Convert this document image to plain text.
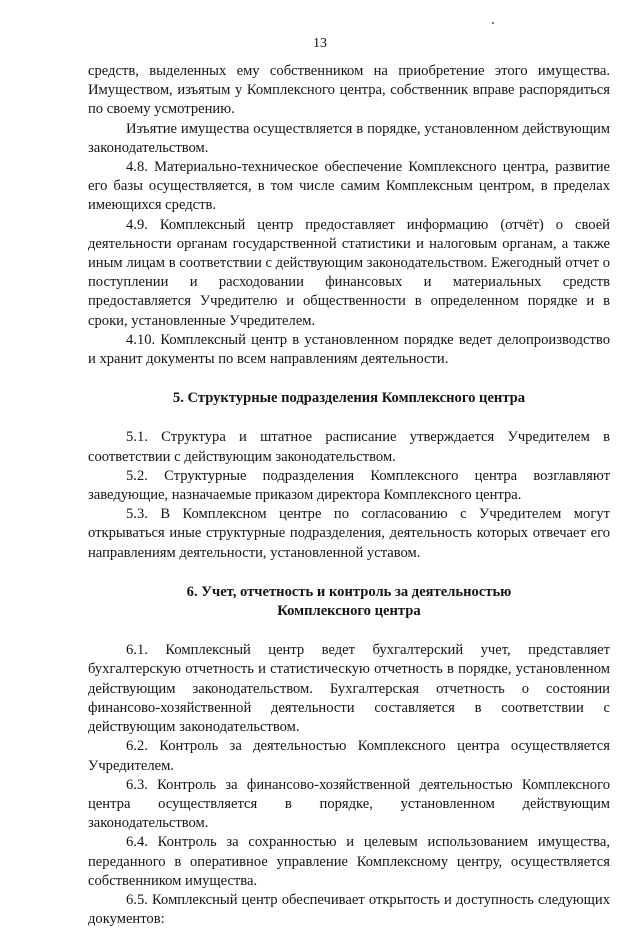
13

средств, выделенных ему собственником на приобретение этого имущества. Имуществом, изъятым у Комплексного центра, собственник вправе распорядиться по своему усмотрению.

Изъятие имущества осуществляется в порядке, установленном действующим законодательством.

4.8. Материально-техническое обеспечение Комплексного центра, развитие его базы осуществляется, в том числе самим Комплексным центром, в пределах имеющихся средств.

4.9. Комплексный центр предоставляет информацию (отчёт) о своей деятельности органам государственной статистики и налоговым органам, а также иным лицам в соответствии с действующим законодательством. Ежегодный отчет о поступлении и расходовании финансовых и материальных средств предоставляется Учредителю и общественности в определенном порядке и в сроки, установленные Учредителем.

4.10. Комплексный центр в установленном порядке ведет делопроизводство и хранит документы по всем направлениям деятельности.

5. Структурные подразделения Комплексного центра

5.1. Структура и штатное расписание утверждается Учредителем в соответствии с действующим законодательством.

5.2. Структурные подразделения Комплексного центра возглавляют заведующие, назначаемые приказом директора Комплексного центра.

5.3. В Комплексном центре по согласованию с Учредителем могут открываться иные структурные подразделения, деятельность которых отвечает его направлениям деятельности, установленной уставом.

6. Учет, отчетность и контроль за деятельностью

Комплексного центра

6.1. Комплексный центр ведет бухгалтерский учет, представляет бухгалтерскую отчетность и статистическую отчетность в порядке, установленном действующим законодательством. Бухгалтерская отчетность о состоянии финансово-хозяйственной деятельности составляется в соответствии с действующим законодательством.

6.2. Контроль за деятельностью Комплексного центра осуществляется Учредителем.

6.3. Контроль за финансово-хозяйственной деятельностью Комплексного центра осуществляется в порядке, установленном действующим законодательством.

6.4. Контроль за сохранностью и целевым использованием имущества, переданного в оперативное управление Комплексному центру, осуществляется собственником имущества.

6.5. Комплексный центр обеспечивает открытость и доступность следующих документов:
